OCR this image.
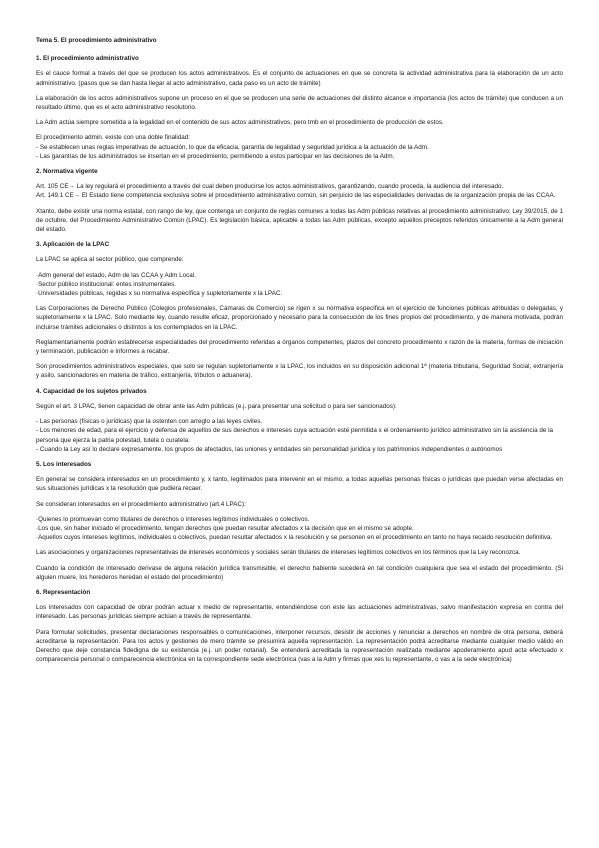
Tema 5. El procedimiento administrativo
1. El procedimiento administrativo

Es el cauce formal a través del que se producen los actos administrativos. Es el conjunto de actuaciones en que se concreta la actividad administrativa para la elaboración de un acto administrativo. (pasos que se dan hasta llegar al acto administrativo, cada paso es un acto de trámite)

La elaboración de los actos administrativos supone un proceso en el que se producen una serie de actuaciones del distinto alcance e importancia (los actos de trámite) que conducen a un resultado último, que es el acto administrativo resolutorio.

La Adm actúa siempre sometida a la legalidad en el contenido de sus actos administrativos, pero tmb en el procedimiento de producción de estos.

El procedimiento admin. existe con una doble finalidad:

- Se establecen unas reglas imperativas de actuación, lo que da eficacia, garantía de legalidad y seguridad jurídica a la actuación de la Adm.
- Las garantías de los administrados se insertan en el procedimiento, permitiendo a estos participar en las decisiones de la Adm.
2. Normativa vigente

Art. 105 CE→ La ley regulará el procedimiento a través del cual deben producirse los actos administrativos, garantizando, cuando proceda, la audiencia del interesado.

Art. 149.1 CE→ El Estado tiene competencia exclusiva sobre el procedimiento administrativo común, sin perjuicio de las especialidades derivadas de la organización propia de las CCAA.

Xtanto, debe existir una norma estatal, con rango de ley, que contenga un conjunto de reglas comunes a todas las Adm públicas relativas al procedimiento administrativo: Ley 39/2015, de 1 de octubre, del Procedimiento Administrativo Común (LPAC). Es legislación básica, aplicable a todas las Adm públicas, excepto aquellos preceptos referidos únicamente a la Adm general del estado.

3. Aplicación de la LPAC

La LPAC se aplica al sector público, que comprende:

·Adm general del estado, Adm de las CCAA y Adm Local.
·Sector público institucional: entes instrumentales.
·Universidades públicas, regidas x su normativa específica y supletoriamente x la LPAC.

Las Corporaciones de Derecho Público (Colegios profesionales, Cámaras de Comercio) se rigen x su normativa específica en el ejercicio de funciones públicas atribuidas o delegadas, y supletoriamente x la LPAC. Solo mediante ley, cuando resulte eficaz, proporcionado y necesario para la consecución de los fines propios del procedimiento, y de manera motivada, podrán incluirse trámites adicionales o distintos a los contemplados en la LPAC.

Reglamentariamente podrán establecerse especialidades del procedimiento referidas a órganos competentes, plazos del concreto procedimiento x razón de la materia, formas de iniciación y terminación, publicación e informes a recabar.

Son procedimientos administrativos especiales, que solo se regulan supletoriamente x la LPAC, los incluidos en su disposición adicional 1ª (materia tributaria, Seguridad Social, extranjería y asilo, sancionadores en materia de tráfico, extranjería, tributos o aduanera).

4. Capacidad de los sujetos privados

Según el art. 3 LPAC, tienen capacidad de obrar ante las Adm públicas (e.j. para presentar una solicitud o para ser sancionados):

- Las personas (físicas o jurídicas) que la ostenten con arreglo a las leyes civiles.
- Los menores de edad, para el ejercicio y defensa de aquellos de sus derechos e intereses cuya actuación esté permitida x el ordenamiento jurídico administrativo sin la asistencia de la persona que ejerza la patria potestad, tutela o curatela.
- Cuando la Ley así lo declare expresamente, los grupos de afectados, las uniones y entidades sin personalidad jurídica y los patrimonios independientes o autónomos
5. Los interesados

En general se considera interesados en un procedimiento y, x tanto, legitimados para intervenir en el mismo, a todas aquellas personas físicas o jurídicas que puedan verse afectadas en sus situaciones jurídicas x la resolución que pudiera recaer.

Se consideran interesados en el procedimiento administrativo (art.4 LPAC):

·Quienes lo promuevan como titulares de derechos o intereses legítimos individuales o colectivos.
·Los que, sin haber iniciado el procedimiento, tengan derechos que puedan resultar afectados x la decisión que en el mismo se adopte.
·Aquellos cuyos intereses legítimos, individuales o colectivos, puedan resultar afectados x la resolución y se personen en el procedimiento en tanto no haya recaído resolución definitiva.

Las asociaciones y organizaciones representativas de intereses económicos y sociales serán titulares de intereses legítimos colectivos en los términos que la Ley reconozca.

Cuando la condición de interesado derivase de alguna relación jurídica transmisible, el derecho habiente sucederá en tal condición cualquiera que sea el estado del procedimiento. (Si alguien muere, los herederos heredan el estado del procedimiento)

6. Representación

Los interesados con capacidad de obrar podrán actuar x medio de representante, entendiéndose con este las actuaciones administrativas, salvo manifestación expresa en contra del interesado. Las personas jurídicas siempre actúan a través de representante.

Para formular solicitudes, presentar declaraciones responsables o comunicaciones, interponer recursos, desistir de acciones y renunciar a derechos en nombre de otra persona, deberá acreditarse la representación. Para los actos y gestiones de mero trámite se presumirá aquella representación. La representación podrá acreditarse mediante cualquier medio válido en Derecho que deje constancia fidedigna de su existencia (e.j. un poder notarial). Se entenderá acreditada la representación realizada mediante apoderamiento apud acta efectuado x comparecencia personal o comparecencia electrónica en la correspondiente sede electrónica (vas a la Adm y firmas que xes tu representante, o vas a la sede electrónica)
